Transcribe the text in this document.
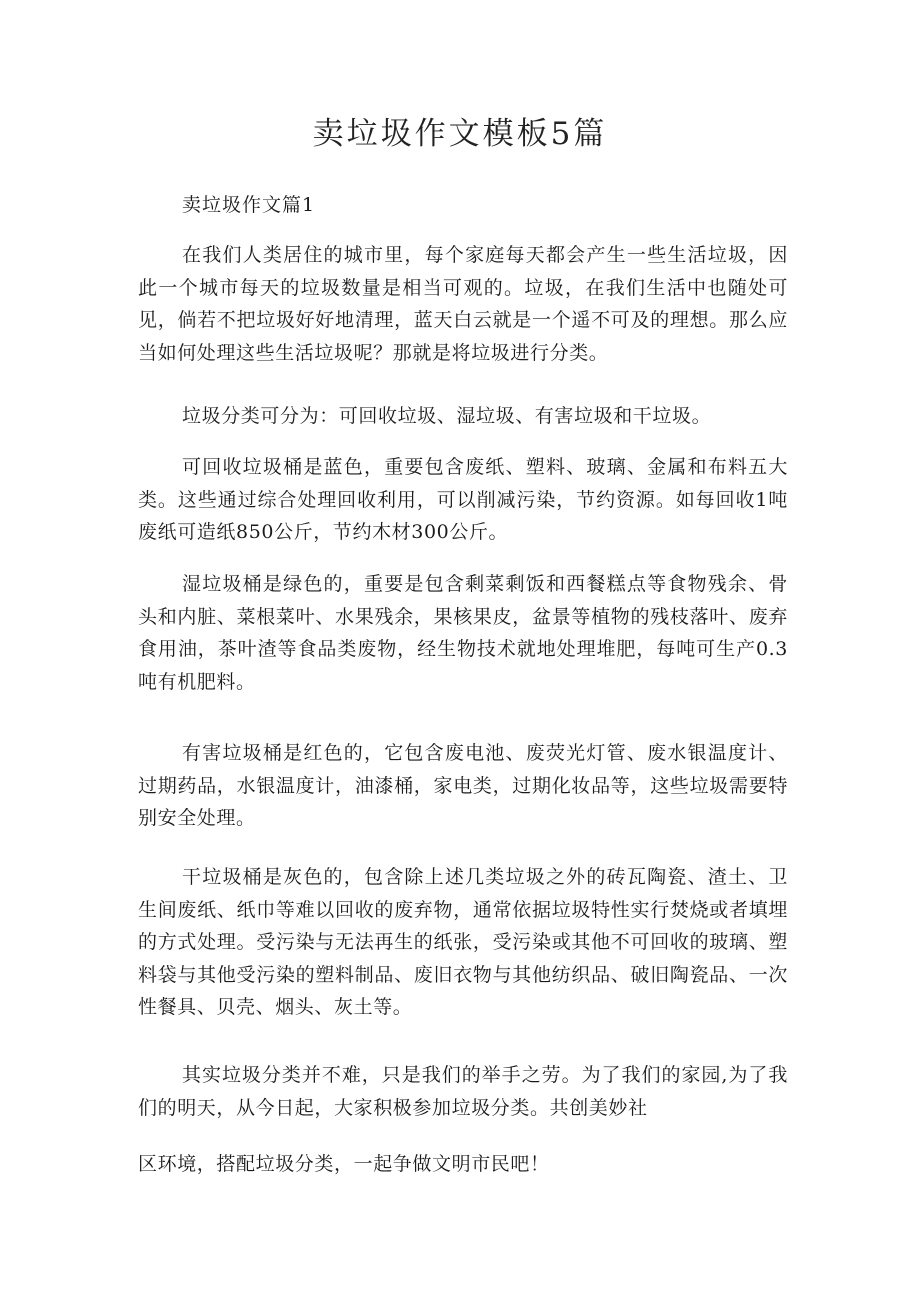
卖垃圾作文模板5篇
卖垃圾作文篇1

在我们人类居住的城市里，每个家庭每天都会产生一些生活垃圾，因此一个城市每天的垃圾数量是相当可观的。垃圾，在我们生活中也随处可见，倘若不把垃圾好好地清理，蓝天白云就是一个遥不可及的理想。那么应当如何处理这些生活垃圾呢？那就是将垃圾进行分类。

垃圾分类可分为：可回收垃圾、湿垃圾、有害垃圾和干垃圾。

可回收垃圾桶是蓝色，重要包含废纸、塑料、玻璃、金属和布料五大类。这些通过综合处理回收利用，可以削减污染，节约资源。如每回收1吨废纸可造纸850公斤，节约木材300公斤。

湿垃圾桶是绿色的，重要是包含剩菜剩饭和西餐糕点等食物残余、骨头和内脏、菜根菜叶、水果残余，果核果皮，盆景等植物的残枝落叶、废弃食用油，茶叶渣等食品类废物，经生物技术就地处理堆肥，每吨可生产0.3吨有机肥料。

有害垃圾桶是红色的，它包含废电池、废荧光灯管、废水银温度计、过期药品，水银温度计，油漆桶，家电类，过期化妆品等，这些垃圾需要特别安全处理。

干垃圾桶是灰色的，包含除上述几类垃圾之外的砖瓦陶瓷、渣土、卫生间废纸、纸巾等难以回收的废弃物，通常依据垃圾特性实行焚烧或者填埋的方式处理。受污染与无法再生的纸张，受污染或其他不可回收的玻璃、塑料袋与其他受污染的塑料制品、废旧衣物与其他纺织品、破旧陶瓷品、一次性餐具、贝壳、烟头、灰土等。

其实垃圾分类并不难，只是我们的举手之劳。为了我们的家园,为了我们的明天，从今日起，大家积极参加垃圾分类。共创美妙社

区环境，搭配垃圾分类，一起争做文明市民吧！
